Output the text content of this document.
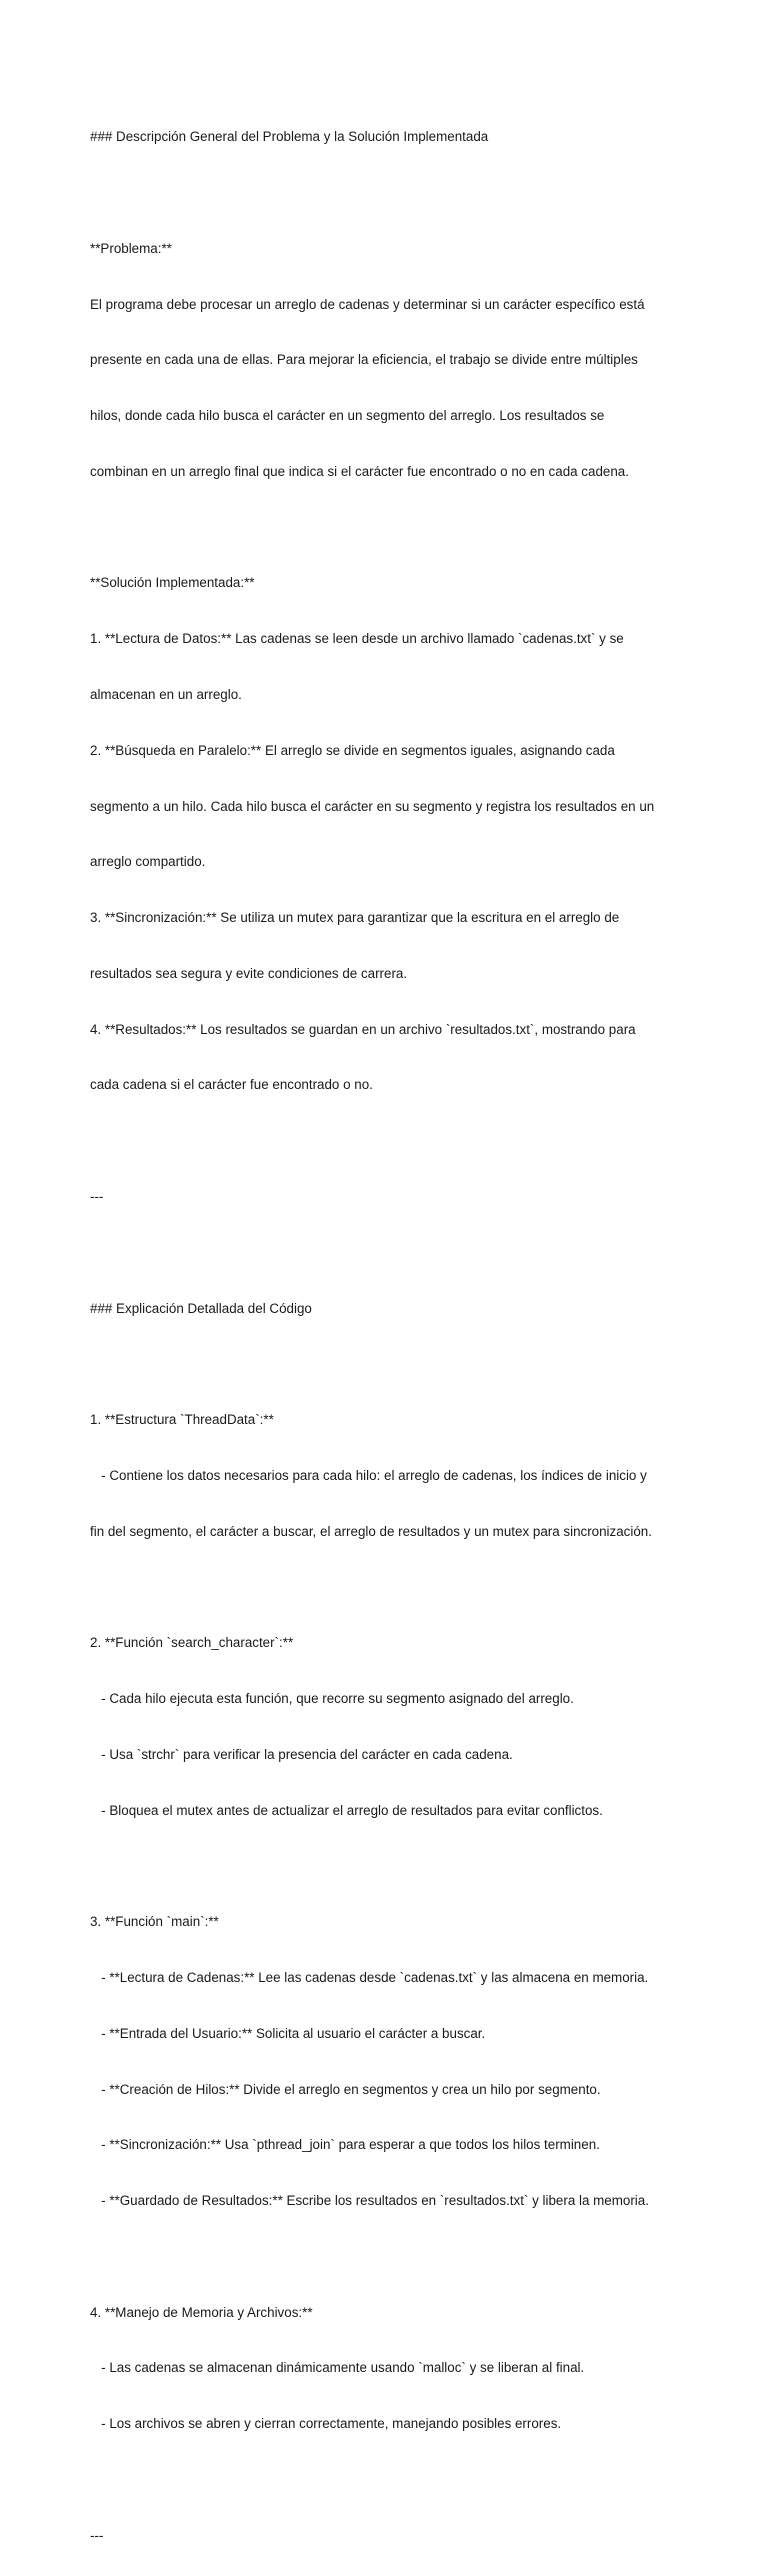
### Descripción General del Problema y la Solución Implementada

**Problema:**

El programa debe procesar un arreglo de cadenas y determinar si un carácter específico está

presente en cada una de ellas. Para mejorar la eficiencia, el trabajo se divide entre múltiples

hilos, donde cada hilo busca el carácter en un segmento del arreglo. Los resultados se

combinan en un arreglo final que indica si el carácter fue encontrado o no en cada cadena.

**Solución Implementada:**

1. **Lectura de Datos:** Las cadenas se leen desde un archivo llamado `cadenas.txt` y se

almacenan en un arreglo.

2. **Búsqueda en Paralelo:** El arreglo se divide en segmentos iguales, asignando cada

segmento a un hilo. Cada hilo busca el carácter en su segmento y registra los resultados en un

arreglo compartido.

3. **Sincronización:** Se utiliza un mutex para garantizar que la escritura en el arreglo de

resultados sea segura y evite condiciones de carrera.

4. **Resultados:** Los resultados se guardan en un archivo `resultados.txt`, mostrando para

cada cadena si el carácter fue encontrado o no.

---

### Explicación Detallada del Código

1. **Estructura `ThreadData`:**

- Contiene los datos necesarios para cada hilo: el arreglo de cadenas, los índices de inicio y

fin del segmento, el carácter a buscar, el arreglo de resultados y un mutex para sincronización.

2. **Función `search_character`:**

- Cada hilo ejecuta esta función, que recorre su segmento asignado del arreglo.

- Usa `strchr` para verificar la presencia del carácter en cada cadena.

- Bloquea el mutex antes de actualizar el arreglo de resultados para evitar conflictos.

3. **Función `main`:**

- **Lectura de Cadenas:** Lee las cadenas desde `cadenas.txt` y las almacena en memoria.

- **Entrada del Usuario:** Solicita al usuario el carácter a buscar.

- **Creación de Hilos:** Divide el arreglo en segmentos y crea un hilo por segmento.

- **Sincronización:** Usa `pthread_join` para esperar a que todos los hilos terminen.

- **Guardado de Resultados:** Escribe los resultados en `resultados.txt` y libera la memoria.

4. **Manejo de Memoria y Archivos:**

- Las cadenas se almacenan dinámicamente usando `malloc` y se liberan al final.

- Los archivos se abren y cierran correctamente, manejando posibles errores.

---
